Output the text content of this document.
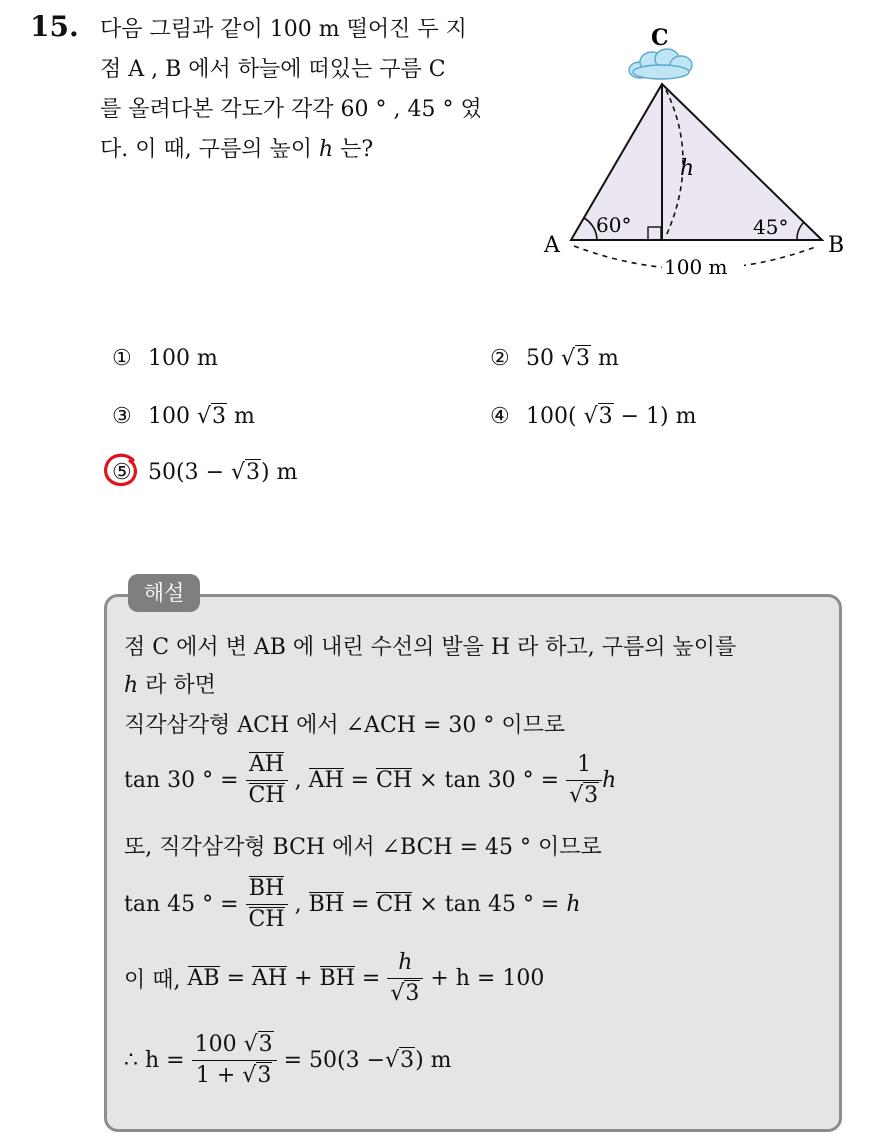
15. 다음 그림과 같이 100 m 떨어진 두 지
점 A , B 에서 하늘에 떠있는 구름 C
를 올려다본 각도가 각각 60 ° , 45 ° 였
다. 이 때, 구름의 높이 h 는?
C
A	B
h
60°	45°
100 m
① 100 m	② 50 √3 m
③ 100 √3 m	④ 100( √3 − 1) m
⑤ 50(3 − √3) m
해설
점 C 에서 변 AB 에 내린 수선의 발을 H 라 하고, 구름의 높이를
h 라 하면
직각삼각형 ACH 에서 ∠ACH = 30 ° 이므로
tan 30 ° =
$\frac{AH}{CH}$
,
AH
=
CH
× tan 30 ° =
$\frac{1}{√3}$ h
또, 직각삼각형 BCH 에서 ∠BCH = 45 ° 이므로
tan 45 ° =
$\frac{BH}{CH}$
,
BH
=
CH
× tan 45 ° =
h
이 때,
AB
=
AH
+
BH
=
$\frac{h}{√3}$
+ h = 100
∴ h =
$\frac{100 √3}{1 + √3}$
= 50(3 − √3 ) m
